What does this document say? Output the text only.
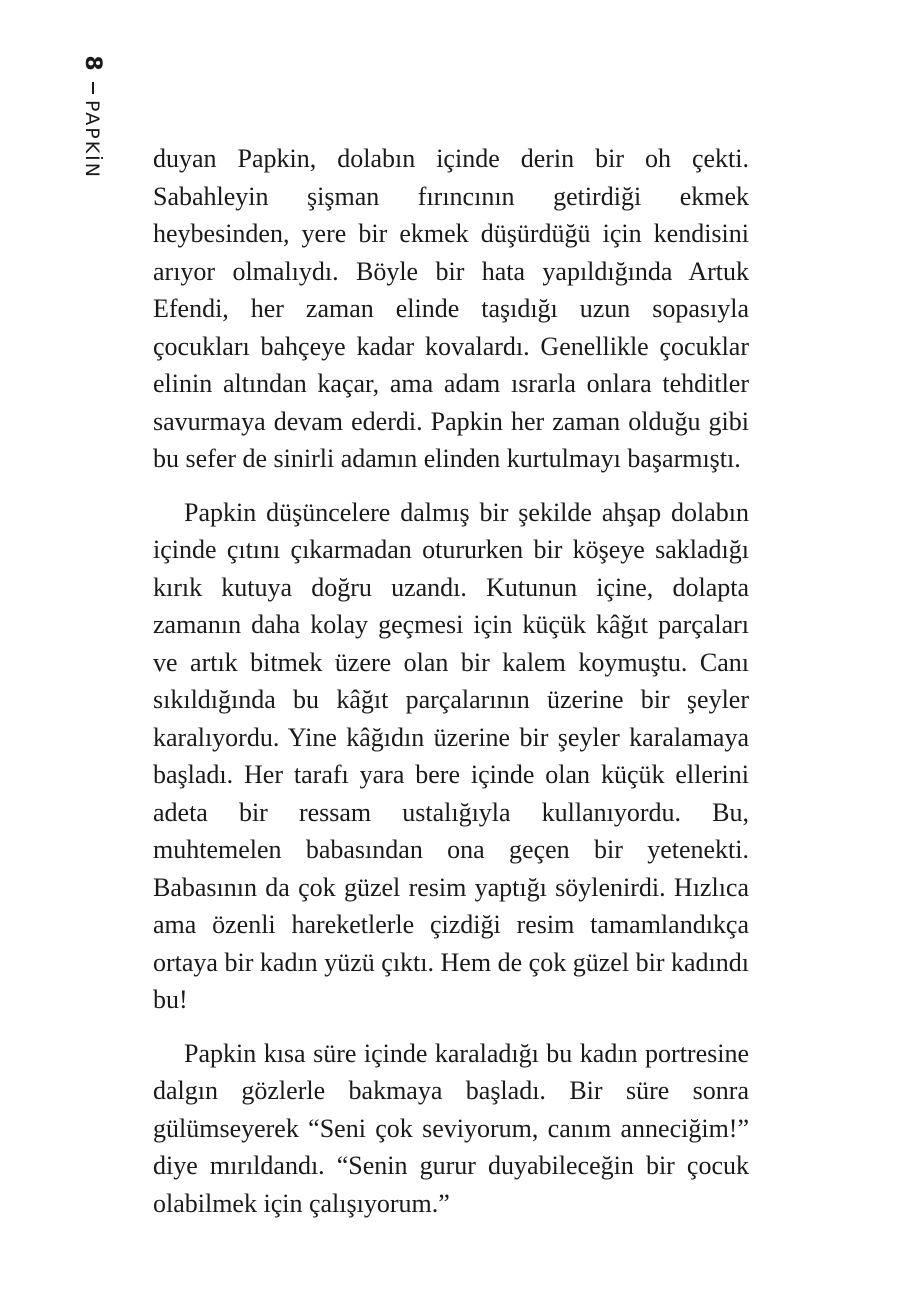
8
PAPKİN duyan Papkin, dolabın içinde derin bir oh çekti. Sabahleyin şişman fırıncının getirdiği ekmek heybesinden, yere bir ekmek düşürdüğü için kendisini arıyor olmalıydı. Böyle bir hata yapıldığında Artuk Efendi, her zaman elinde taşıdığı uzun sopasıyla çocukları bahçeye kadar kovalardı. Genellikle çocuklar elinin altından kaçar, ama adam ısrarla onlara tehditler savurmaya devam ederdi. Papkin her zaman olduğu gibi bu sefer de sinirli adamın elinden kurtulmayı başarmıştı.

Papkin düşüncelere dalmış bir şekilde ahşap dolabın içinde çıtını çıkarmadan otururken bir köşeye sakladığı kırık kutuya doğru uzandı. Kutunun içine, dolapta zamanın daha kolay geçmesi için küçük kâğıt parçaları ve artık bitmek üzere olan bir kalem koymuştu. Canı sıkıldığında bu kâğıt parçalarının üzerine bir şeyler karalıyordu. Yine kâğıdın üzerine bir şeyler karalamaya başladı. Her tarafı yara bere içinde olan küçük ellerini adeta bir ressam ustalığıyla kullanıyordu. Bu, muhtemelen babasından ona geçen bir yetenekti. Babasının da çok güzel resim yaptığı söylenirdi. Hızlıca ama özenli hareketlerle çizdiği resim tamamlandıkça ortaya bir kadın yüzü çıktı. Hem de çok güzel bir kadındı bu!

Papkin kısa süre içinde karaladığı bu kadın portresine dalgın gözlerle bakmaya başladı. Bir süre sonra gülümseyerek “Seni çok seviyorum, canım anneciğim!” diye mırıldandı. “Senin gurur duyabileceğin bir çocuk olabilmek için çalışıyorum.”
